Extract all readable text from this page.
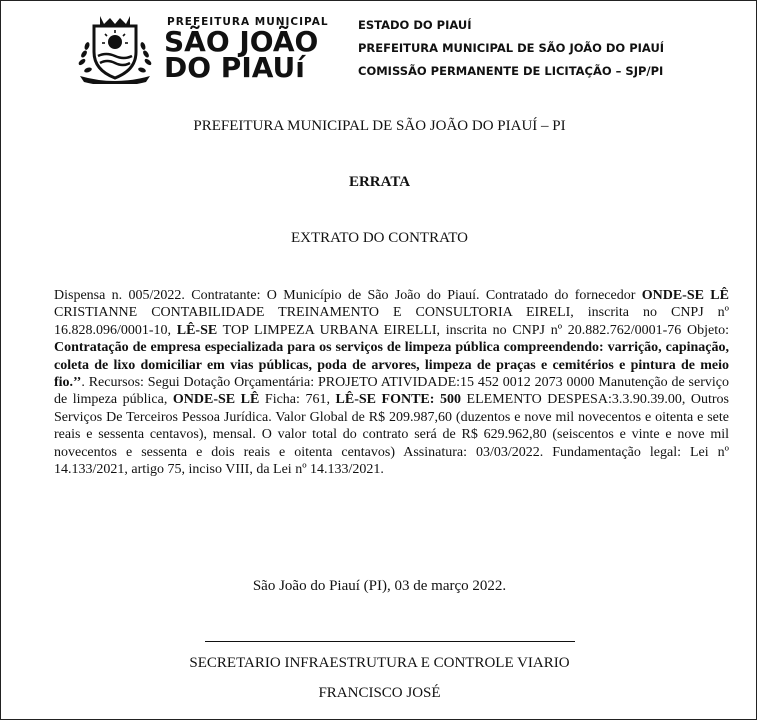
PREFEITURA MUNICIPAL
SÃO JOÃO
DO PIAUí
ESTADO DO PIAUÍ
PREFEITURA MUNICIPAL DE SÃO JOÃO DO PIAUÍ
COMISSÃO PERMANENTE DE LICITAÇÃO – SJP/PI
PREFEITURA MUNICIPAL DE SÃO JOÃO DO PIAUÍ – PI
ERRATA
EXTRATO DO CONTRATO
Dispensa n. 005/2022. Contratante: O Município de São João do Piauí. Contratado do fornecedor ONDE-SE LÊ CRISTIANNE CONTABILIDADE TREINAMENTO E CONSULTORIA EIRELI, inscrita no CNPJ nº 16.828.096/0001-10, LÊ-SE TOP LIMPEZA URBANA EIRELLI, inscrita no CNPJ nº 20.882.762/0001-76 Objeto: Contratação de empresa especializada para os serviços de limpeza pública compreendendo: varrição, capinação, coleta de lixo domiciliar em vias públicas, poda de arvores, limpeza de praças e cemitérios e pintura de meio fio.’’. Recursos: Segui Dotação Orçamentária: PROJETO ATIVIDADE:15 452 0012 2073 0000 Manutenção de serviço de limpeza pública, ONDE-SE LÊ Ficha: 761, LÊ-SE FONTE: 500 ELEMENTO DESPESA:3.3.90.39.00, Outros Serviços De Terceiros Pessoa Jurídica. Valor Global de R$ 209.987,60 (duzentos e nove mil novecentos e oitenta e sete reais e sessenta centavos), mensal. O valor total do contrato será de R$ 629.962,80 (seiscentos e vinte e nove mil novecentos e sessenta e dois reais e oitenta centavos) Assinatura: 03/03/2022. Fundamentação legal: Lei nº 14.133/2021, artigo 75, inciso VIII, da Lei nº 14.133/2021.
São João do Piauí (PI), 03 de março 2022.
SECRETARIO INFRAESTRUTURA E CONTROLE VIARIO
FRANCISCO JOSÉ
